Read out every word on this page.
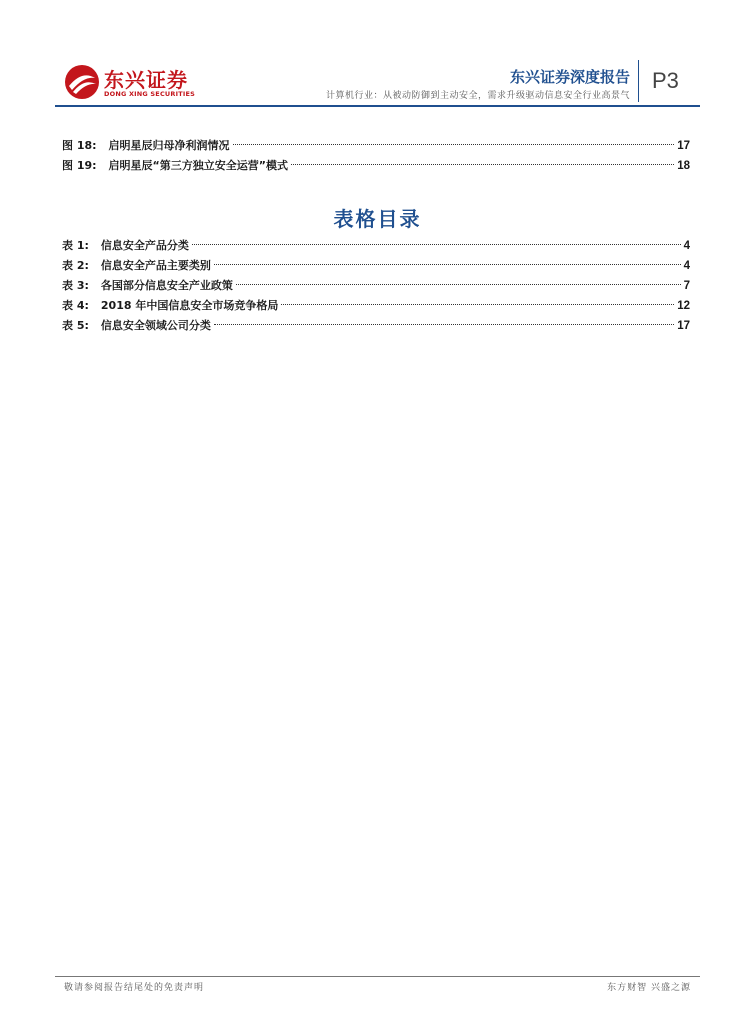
东兴证券
DONG XING SECURITIES
东兴证券深度报告
计算机行业：从被动防御到主动安全，需求升级驱动信息安全行业高景气
P3
图 18: 启明星辰归母净利润情况	17
图 19: 启明星辰“第三方独立安全运营”模式	18
表格目录
表 1: 信息安全产品分类	4
表 2: 信息安全产品主要类别	4
表 3: 各国部分信息安全产业政策	7
表 4: 2018 年中国信息安全市场竞争格局	12
表 5: 信息安全领域公司分类	17
敬请参阅报告结尾处的免责声明	东方财智 兴盛之源
